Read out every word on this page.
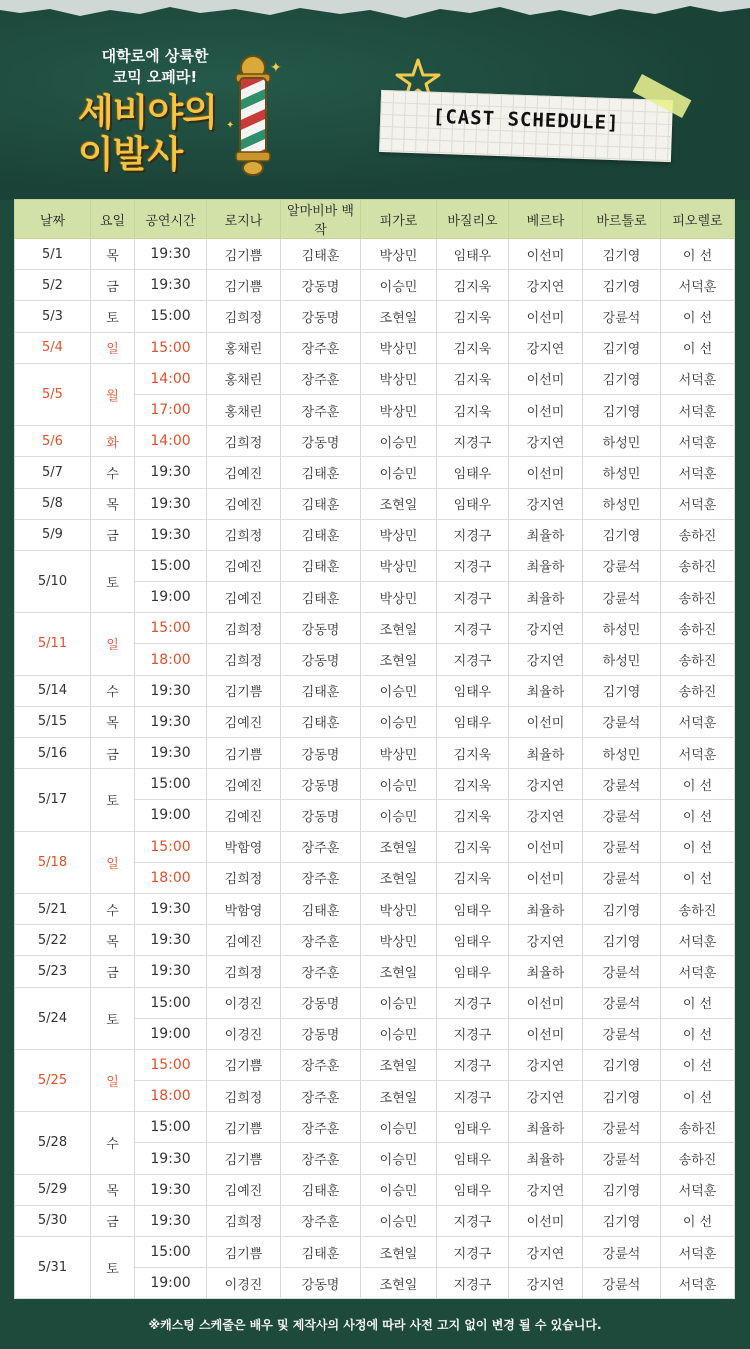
대학로에 상륙한
코믹 오페라!
세비야의
이발사
✦
✦	[CAST SCHEDULE]
날짜	요일	공연시간	로지나	알마비바 백작	피가로	바질리오	베르타	바르톨로	피오렐로
5/1	목	19:30	김기쁨	김태훈	박상민	임태우	이선미	김기영	이 선
5/2	금	19:30	김기쁨	강동명	이승민	김지욱	강지연	김기영	서덕훈
5/3	토	15:00	김희정	강동명	조현일	김지욱	이선미	강륜석	이 선
5/4	일	15:00	홍채린	장주훈	박상민	김지욱	강지연	김기영	이 선
5/5	월	14:00	홍채린	장주훈	박상민	김지욱	이선미	김기영	서덕훈
		17:00	홍채린	장주훈	박상민	김지욱	이선미	김기영	서덕훈
5/6	화	14:00	김희정	강동명	이승민	지경구	강지연	하성민	서덕훈
5/7	수	19:30	김예진	김태훈	이승민	임태우	이선미	하성민	서덕훈
5/8	목	19:30	김예진	김태훈	조현일	임태우	강지연	하성민	서덕훈
5/9	금	19:30	김희정	김태훈	박상민	지경구	최율하	김기영	송하진
5/10	토	15:00	김예진	김태훈	박상민	지경구	최율하	강륜석	송하진
		19:00	김예진	김태훈	박상민	지경구	최율하	강륜석	송하진
5/11	일	15:00	김희정	강동명	조현일	지경구	강지연	하성민	송하진
		18:00	김희정	강동명	조현일	지경구	강지연	하성민	송하진
5/14	수	19:30	김기쁨	김태훈	이승민	임태우	최율하	김기영	송하진
5/15	목	19:30	김예진	김태훈	이승민	임태우	이선미	강륜석	서덕훈
5/16	금	19:30	김기쁨	강동명	박상민	김지욱	최율하	하성민	서덕훈
5/17	토	15:00	김예진	강동명	이승민	김지욱	강지연	강륜석	이 선
		19:00	김예진	강동명	이승민	김지욱	강지연	강륜석	이 선
5/18	일	15:00	박함영	장주훈	조현일	김지욱	이선미	강륜석	이 선
		18:00	김희정	장주훈	조현일	김지욱	이선미	강륜석	이 선
5/21	수	19:30	박함영	김태훈	박상민	임태우	최율하	김기영	송하진
5/22	목	19:30	김예진	장주훈	박상민	임태우	강지연	김기영	서덕훈
5/23	금	19:30	김희정	장주훈	조현일	임태우	최율하	강륜석	서덕훈
5/24	토	15:00	이경진	강동명	이승민	지경구	이선미	강륜석	이 선
		19:00	이경진	강동명	이승민	지경구	이선미	강륜석	이 선
5/25	일	15:00	김기쁨	장주훈	조현일	지경구	강지연	김기영	이 선
		18:00	김희정	장주훈	조현일	지경구	강지연	김기영	이 선
5/28	수	15:00	김기쁨	장주훈	이승민	임태우	최율하	강륜석	송하진
		19:30	김기쁨	장주훈	이승민	임태우	최율하	강륜석	송하진
5/29	목	19:30	김예진	김태훈	이승민	임태우	강지연	김기영	서덕훈
5/30	금	19:30	김희정	장주훈	이승민	지경구	이선미	김기영	이 선
5/31	토	15:00	김기쁨	김태훈	조현일	지경구	강지연	강륜석	서덕훈
		19:00	이경진	강동명	조현일	지경구	강지연	강륜석	서덕훈
※캐스팅 스케줄은 배우 및 제작사의 사정에 따라 사전 고지 없이 변경 될 수 있습니다.
